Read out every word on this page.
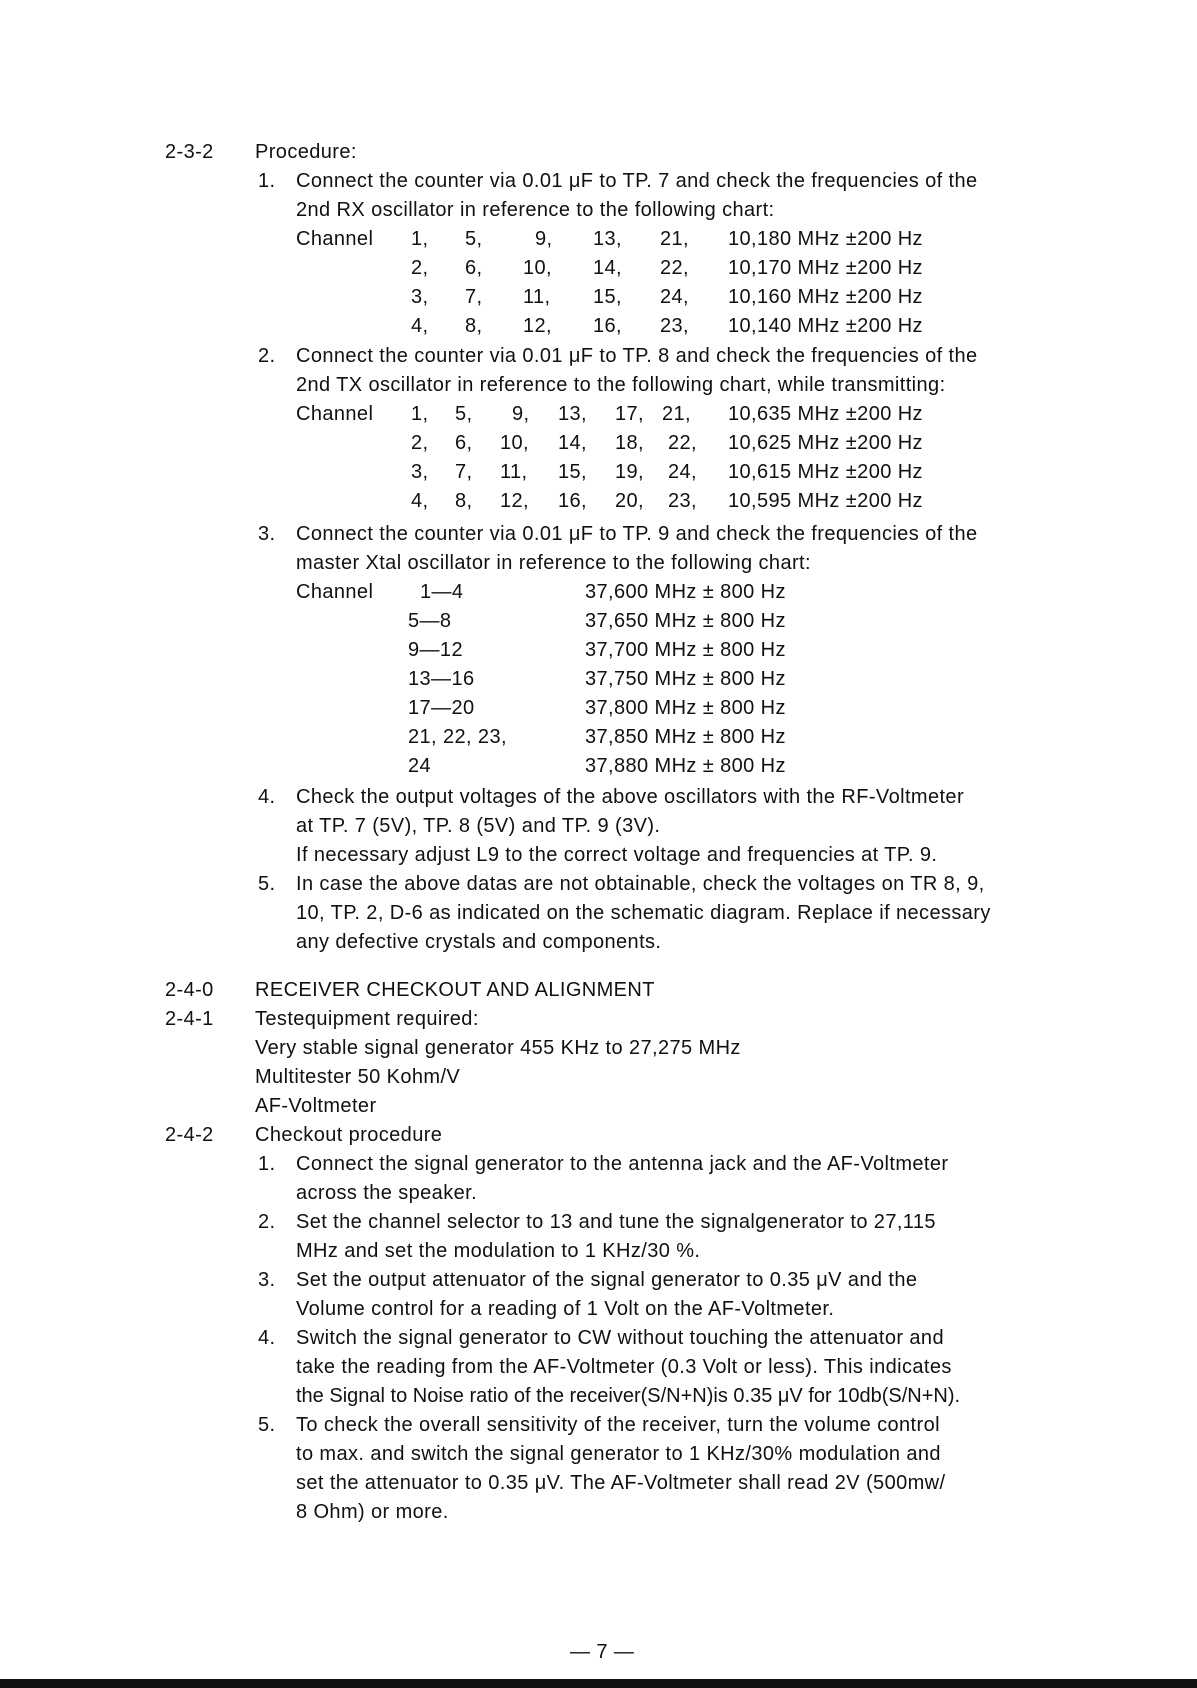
2-3-2 Procedure:
1. Connect the counter via 0.01 μF to TP. 7 and check the frequencies of the
2nd RX oscillator in reference to the following chart:
Channel 1, 5,	9, 13, 21, 10,180 MHz ±200 Hz
2, 6, 10, 14, 22, 10,170 MHz ±200 Hz
3, 7, 11, 15, 24, 10,160 MHz ±200 Hz
4, 8, 12, 16, 23, 10,140 MHz ±200 Hz
2. Connect the counter via 0.01 μF to TP. 8 and check the frequencies of the
2nd TX oscillator in reference to the following chart, while transmitting:
Channel 1, 5, 9, 13, 17, 21, 10,635 MHz ±200 Hz
2, 6, 10, 14, 18, 22, 10,625 MHz ±200 Hz
3, 7, 11, 15, 19, 24, 10,615 MHz ±200 Hz
4, 8, 12, 16, 20, 23, 10,595 MHz ±200 Hz
3. Connect the counter via 0.01 μF to TP. 9 and check the frequencies of the
master Xtal oscillator in reference to the following chart:
Channel 1—4	37,600 MHz ± 800 Hz
5—8	37,650 MHz ± 800 Hz
9—12	37,700 MHz ± 800 Hz
13—16	37,750 MHz ± 800 Hz
17—20	37,800 MHz ± 800 Hz
21, 22, 23,	37,850 MHz ± 800 Hz
24	37,880 MHz ± 800 Hz
4. Check the output voltages of the above oscillators with the RF-Voltmeter
at TP. 7 (5V), TP. 8 (5V) and TP. 9 (3V).
If necessary adjust L9 to the correct voltage and frequencies at TP. 9.
5. In case the above datas are not obtainable, check the voltages on TR 8, 9,
10, TP. 2, D-6 as indicated on the schematic diagram. Replace if necessary
any defective crystals and components.
2-4-0 RECEIVER CHECKOUT AND ALIGNMENT
2-4-1 Testequipment required:
Very stable signal generator 455 KHz to 27,275 MHz
Multitester 50 Kohm/V
AF-Voltmeter
2-4-2 Checkout procedure
1. Connect the signal generator to the antenna jack and the AF-Voltmeter
across the speaker.
2. Set the channel selector to 13 and tune the signalgenerator to 27,115
MHz and set the modulation to 1 KHz/30 %.
3. Set the output attenuator of the signal generator to 0.35 μV and the
Volume control for a reading of 1 Volt on the AF-Voltmeter.
4. Switch the signal generator to CW without touching the attenuator and
take the reading from the AF-Voltmeter (0.3 Volt or less). This indicates
the Signal to Noise ratio of the receiver(S/N+N)is 0.35 μV for 10db(S/N+N).
5. To check the overall sensitivity of the receiver, turn the volume control
to max. and switch the signal generator to 1 KHz/30% modulation and
set the attenuator to 0.35 μV. The AF-Voltmeter shall read 2V (500mw/
8 Ohm) or more.
— 7 —
